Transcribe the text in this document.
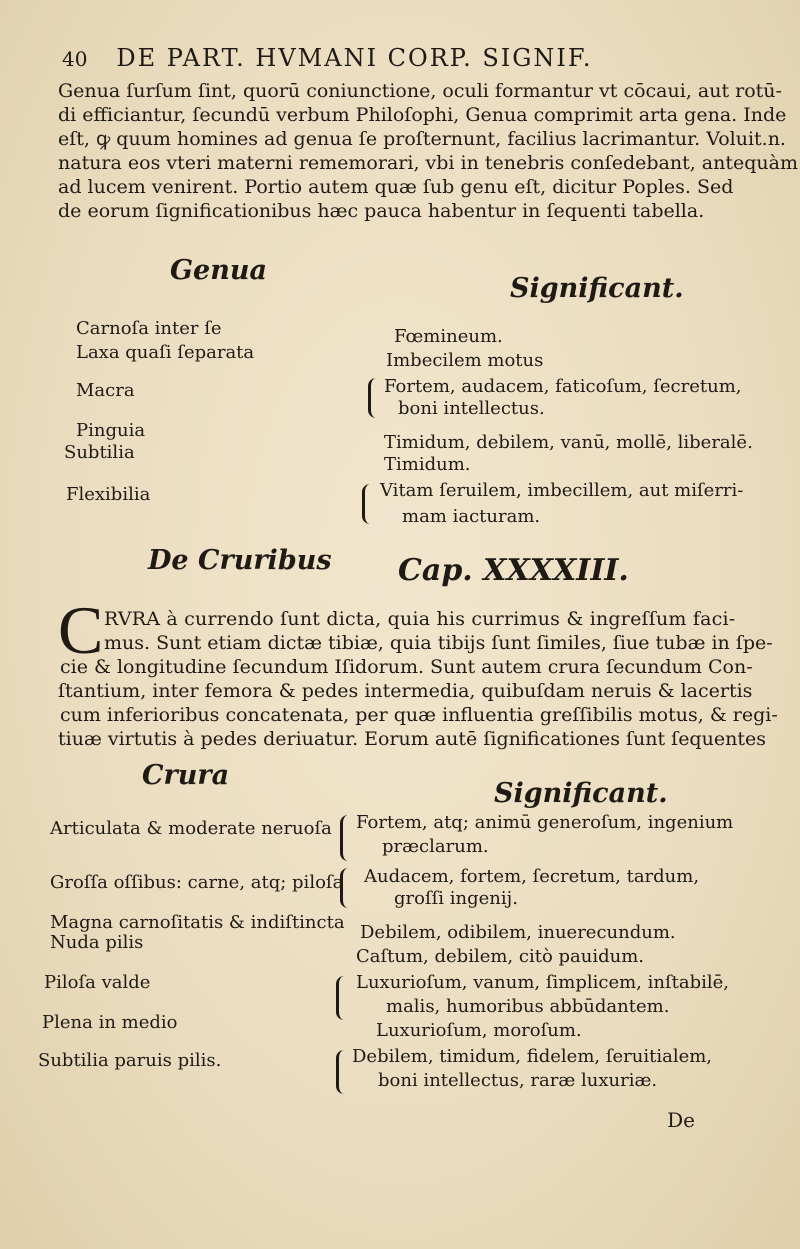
40 DE PART. HVMANI CORP. SIGNIF.
Genua ſurſum ſint, quorū coniunctione, oculi formantur vt cōcaui, aut rotū-
di efficiantur, ſecundū verbum Philoſophi, Genua comprimit arta gena. Inde
eſt, ꝙ quum homines ad genua ſe proſternunt, facilius lacrimantur. Voluit.n.
natura eos vteri materni rememorari, vbi in tenebris conſedebant, antequàm
ad lucem venirent. Portio autem quæ ſub genu eſt, dicitur Poples. Sed
de eorum ſignificationibus hæc pauca habentur in ſequenti tabella.
Genua
Significant.
Carnoſa inter ſe
Laxa quaſi ſeparata
Macra
Pinguia
Subtilia
Flexibilia
Fœmineum.
Imbecilem motus
Fortem, audacem, faticoſum, ſecretum,
boni intellectus.
Timidum, debilem, vanū, mollē, liberalē.
Timidum.
Vitam ſeruilem, imbecillem, aut miſerri-
mam iacturam.
De Cruribus Cap. XXXXIII.
C RVRA à currendo ſunt dicta, quia his currimus & ingreſſum faci-
mus. Sunt etiam dictæ tibiæ, quia tibijs ſunt ſimiles, ſiue tubæ in ſpe-
cie & longitudine ſecundum Iſidorum. Sunt autem crura ſecundum Con-
ſtantium, inter femora & pedes intermedia, quibuſdam neruis & lacertis
cum inferioribus concatenata, per quæ influentia greſſibilis motus, & regi-
tiuæ virtutis à pedes deriuatur. Eorum autē ſignificationes ſunt ſequentes
Crura
Significant.
Articulata & moderate neruoſa
Groſſa oſſibus: carne, atq; piloſa
Magna carnoſitatis & indiſtincta
Nuda pilis
Piloſa valde
Plena in medio
Subtilia paruis pilis.
Fortem, atq; animū generoſum, ingenium
præclarum.
Audacem, fortem, ſecretum, tardum,
groſſi ingenij.
Debilem, odibilem, inuerecundum.
Caſtum, debilem, citò pauidum.
Luxurioſum, vanum, ſimplicem, inſtabilē,
malis, humoribus abbūdantem.
Luxurioſum, moroſum.
Debilem, timidum, fidelem, ſeruitialem,
boni intellectus, raræ luxuriæ.
De
